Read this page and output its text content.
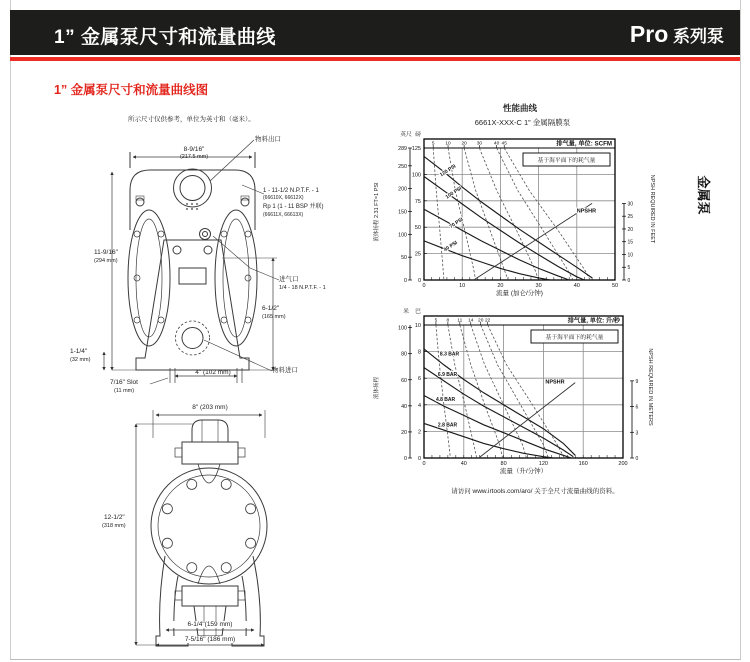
1” 金属泵尺寸和流量曲线	Pro 系列泵
1” 金属泵尺寸和流量曲线图
金属泵
所示尺寸仅供参考，单位为英寸和（毫米）。
物料出口
8-9/16"
(217.5 mm)
1 - 11-1/2 N.P.T.F. - 1
(66610X, 66612X)
Rp 1 (1 - 11 BSP 并联)
(66611X, 66613X)
11-9/16"
(294 mm)
进气口
1/4 - 18 N.P.T.F. - 1
6-1/2"
(165 mm)
1-1/4"
(32 mm)
7/16" Slot
(11 mm)
4" (102 mm)	物料进口
8" (203 mm)
12-1/2"
(318 mm)
6-1/4"(159 mm)
7-5/16" (186 mm)
性能曲线
6661X-XXX-C 1” 金属隔膜泵
0	10	20	30	40	50
流量 (加仑/分钟)
0
25
50
75
100
125
0
50
100
150
200
250
289
英尺 磅
5 10 20 30 40 45	排气量, 单位: SCFM
基于海平面下的耗气量
120 PSI
100 PSI
70 PSI
40 PSI
0
5
10
15
20
25
30
NPSHR
0	40	80	120	160	200
流量（升/分钟）
0
2
4
6
8
10
0
20
40
60
80
100
米 巴
5 8 11 14 20 22	排气量, 单位: 升/秒
基于海平面下的耗气量
8.3 BAR
6.9 BAR
4.8 BAR
2.8 BAR
0
3
6
9
NPSHR
液体扬程 2.31 FT=1 PSI	NPSH REQUIRED IN FEET
液体扬程	NPSH REQUIRED IN METERS
请访问 www.irtools.com/aro/ 关于全尺寸流量曲线的资料。
